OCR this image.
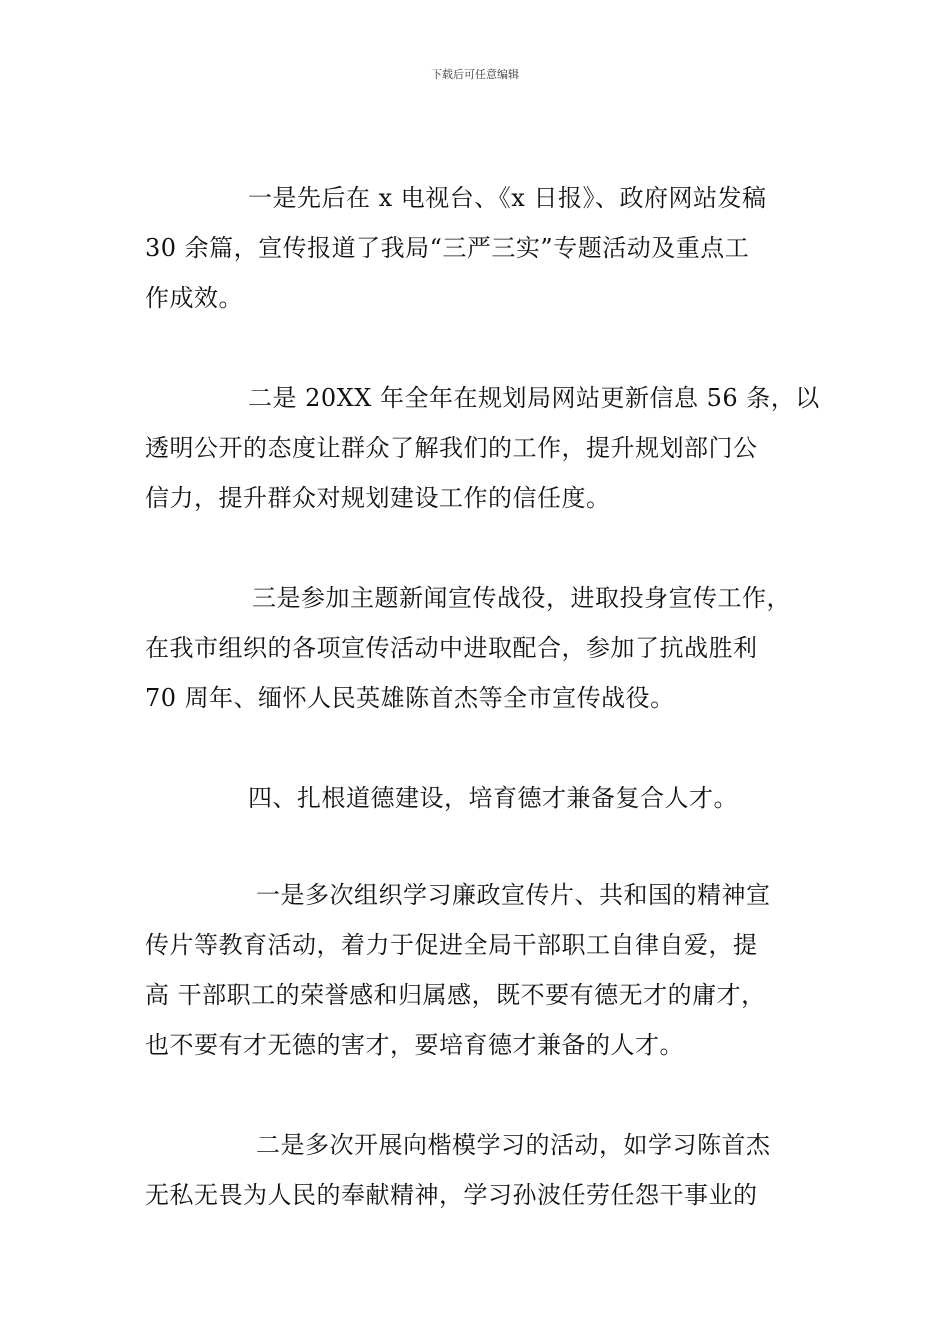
下载后可任意编辑
一是先后在 x 电视台、《x 日报》、政府网站发稿
30 余篇，宣传报道了我局“三严三实”专题活动及重点工
作成效。
二是 20XX 年全年在规划局网站更新信息 56 条，以
透明公开的态度让群众了解我们的工作，提升规划部门公
信力，提升群众对规划建设工作的信任度。
三是参加主题新闻宣传战役，进取投身宣传工作，
在我市组织的各项宣传活动中进取配合，参加了抗战胜利
70 周年、缅怀人民英雄陈首杰等全市宣传战役。
四、扎根道德建设，培育德才兼备复合人才。
一是多次组织学习廉政宣传片、共和国的精神宣
传片等教育活动，着力于促进全局干部职工自律自爱，提
高 干部职工的荣誉感和归属感，既不要有德无才的庸才，
也不要有才无德的害才，要培育德才兼备的人才。
二是多次开展向楷模学习的活动，如学习陈首杰
无私无畏为人民的奉献精神，学习孙波任劳任怨干事业的
